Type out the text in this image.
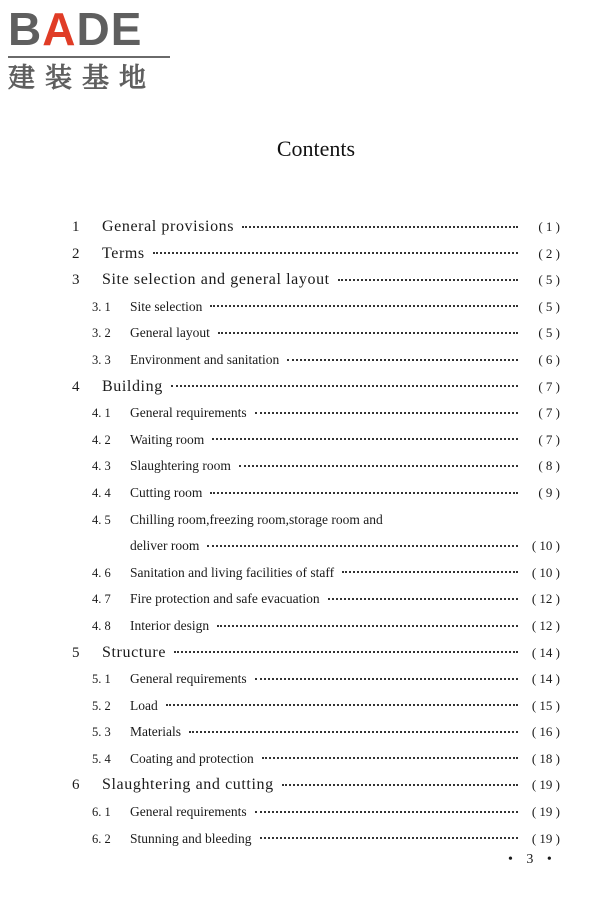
BADE
建装基地
Contents
1	General provisions	( 1 )
2	Terms	( 2 )
3	Site selection and general layout	( 5 )
3. 1	Site selection	( 5 )
3. 2	General layout	( 5 )
3. 3	Environment and sanitation	( 6 )
4	Building	( 7 )
4. 1	General requirements	( 7 )
4. 2	Waiting room	( 7 )
4. 3	Slaughtering room	( 8 )
4. 4	Cutting room	( 9 )
4. 5	Chilling room,freezing room,storage room and
deliver room	( 10 )
4. 6	Sanitation and living facilities of staff	( 10 )
4. 7	Fire protection and safe evacuation	( 12 )
4. 8	Interior design	( 12 )
5	Structure	( 14 )
5. 1	General requirements	( 14 )
5. 2	Load	( 15 )
5. 3	Materials	( 16 )
5. 4	Coating and protection	( 18 )
6	Slaughtering and cutting	( 19 )
6. 1	General requirements	( 19 )
6. 2	Stunning and bleeding	( 19 )
• 3 •
